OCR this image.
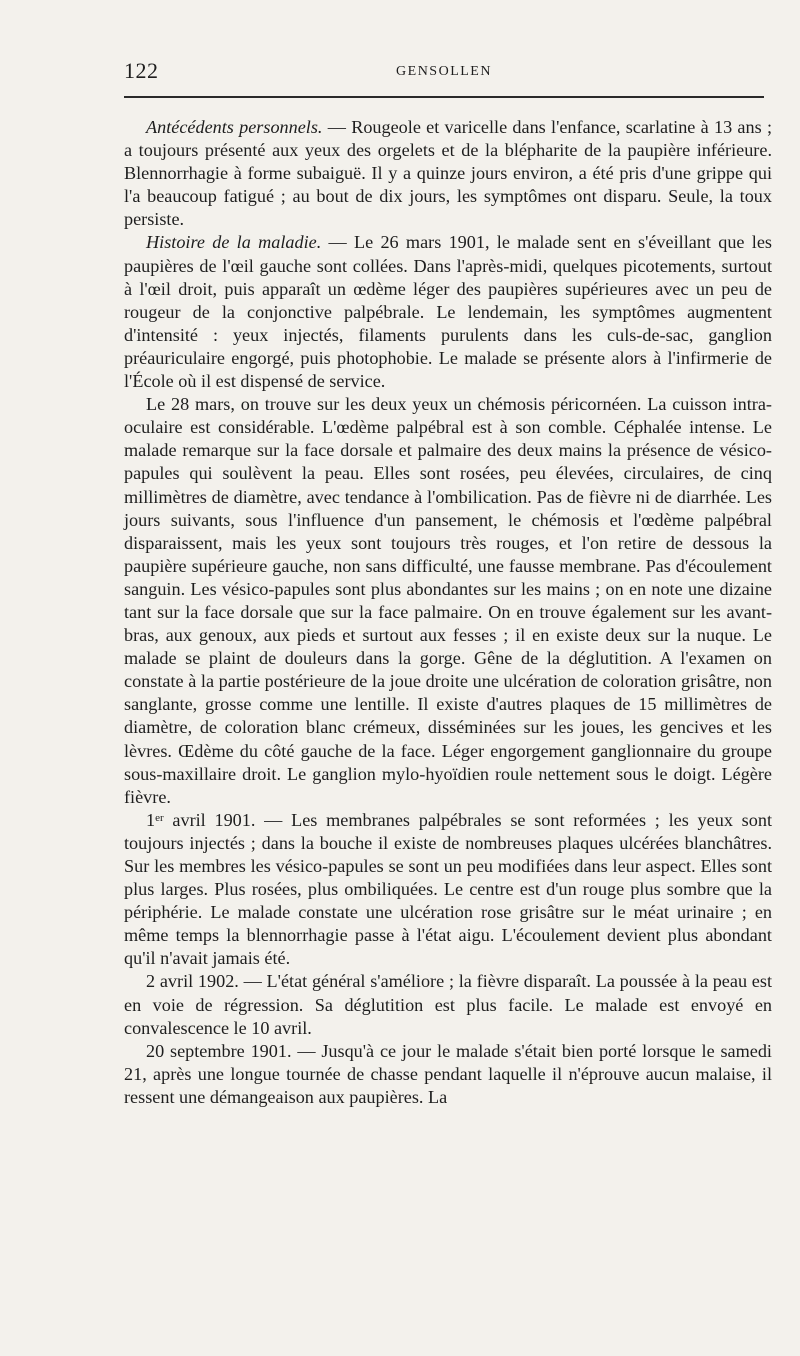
122	GENSOLLEN

Antécédents personnels. — Rougeole et varicelle dans l'enfance, scarlatine à 13 ans ; a toujours présenté aux yeux des orgelets et de la blépharite de la paupière inférieure. Blennorrhagie à forme subaiguë. Il y a quinze jours environ, a été pris d'une grippe qui l'a beaucoup fatigué ; au bout de dix jours, les symptômes ont disparu. Seule, la toux persiste.

Histoire de la maladie. — Le 26 mars 1901, le malade sent en s'éveillant que les paupières de l'œil gauche sont collées. Dans l'après-midi, quelques picotements, surtout à l'œil droit, puis apparaît un œdème léger des paupières supérieures avec un peu de rougeur de la conjonctive palpébrale. Le lendemain, les symptômes augmentent d'intensité : yeux injectés, filaments purulents dans les culs-de-sac, ganglion préauriculaire engorgé, puis photophobie. Le malade se présente alors à l'infirmerie de l'École où il est dispensé de service.

Le 28 mars, on trouve sur les deux yeux un chémosis péricornéen. La cuisson intra-oculaire est considérable. L'œdème palpébral est à son comble. Céphalée intense. Le malade remarque sur la face dorsale et palmaire des deux mains la présence de vésico-papules qui soulèvent la peau. Elles sont rosées, peu élevées, circulaires, de cinq millimètres de diamètre, avec tendance à l'ombilication. Pas de fièvre ni de diarrhée. Les jours suivants, sous l'influence d'un pansement, le chémosis et l'œdème palpébral disparaissent, mais les yeux sont toujours très rouges, et l'on retire de dessous la paupière supérieure gauche, non sans difficulté, une fausse membrane. Pas d'écoulement sanguin. Les vésico-papules sont plus abondantes sur les mains ; on en note une dizaine tant sur la face dorsale que sur la face palmaire. On en trouve également sur les avant-bras, aux genoux, aux pieds et surtout aux fesses ; il en existe deux sur la nuque. Le malade se plaint de douleurs dans la gorge. Gêne de la déglutition. A l'examen on constate à la partie postérieure de la joue droite une ulcération de coloration grisâtre, non sanglante, grosse comme une lentille. Il existe d'autres plaques de 15 millimètres de diamètre, de coloration blanc crémeux, disséminées sur les joues, les gencives et les lèvres. Œdème du côté gauche de la face. Léger engorgement ganglionnaire du groupe sous-maxillaire droit. Le ganglion mylo-hyoïdien roule nettement sous le doigt. Légère fièvre.

1er avril 1901. — Les membranes palpébrales se sont reformées ; les yeux sont toujours injectés ; dans la bouche il existe de nombreuses plaques ulcérées blanchâtres. Sur les membres les vésico-papules se sont un peu modifiées dans leur aspect. Elles sont plus larges. Plus rosées, plus ombiliquées. Le centre est d'un rouge plus sombre que la périphérie. Le malade constate une ulcération rose grisâtre sur le méat urinaire ; en même temps la blennorrhagie passe à l'état aigu. L'écoulement devient plus abondant qu'il n'avait jamais été.

2 avril 1902. — L'état général s'améliore ; la fièvre disparaît. La poussée à la peau est en voie de régression. Sa déglutition est plus facile. Le malade est envoyé en convalescence le 10 avril.

20 septembre 1901. — Jusqu'à ce jour le malade s'était bien porté lorsque le samedi 21, après une longue tournée de chasse pendant laquelle il n'éprouve aucun malaise, il ressent une démangeaison aux paupières. La
